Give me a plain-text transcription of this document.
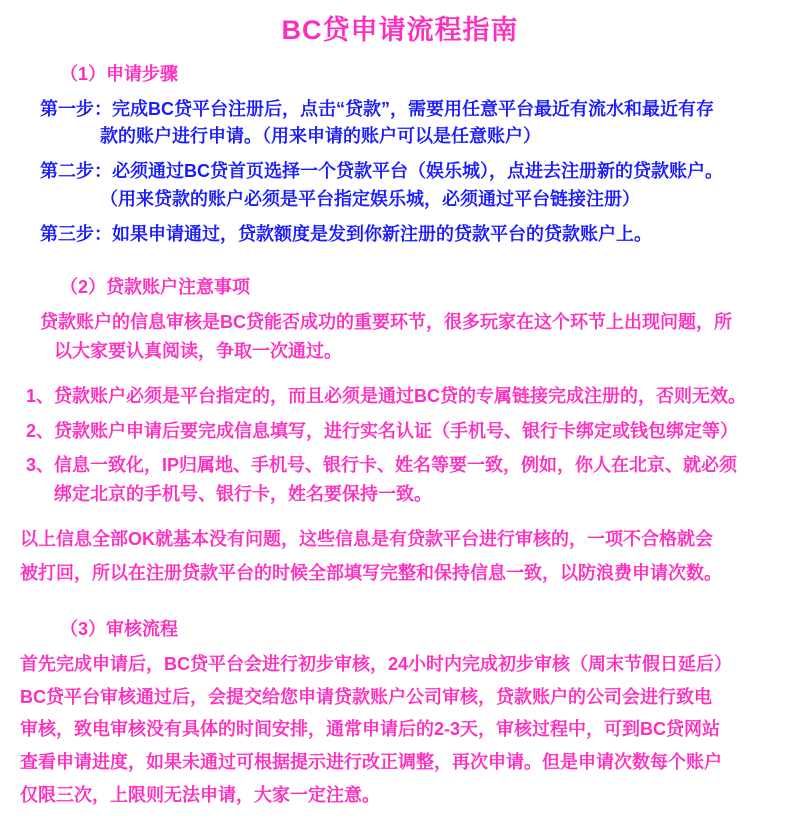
BC贷申请流程指南
（1）申请步骤

第一步：完成BC贷平台注册后，点击“贷款”，需要用任意平台最近有流水和最近有存
款的账户进行申请。（用来申请的账户可以是任意账户）

第二步：必须通过BC贷首页选择一个贷款平台（娱乐城），点进去注册新的贷款账户。
（用来贷款的账户必须是平台指定娱乐城，必须通过平台链接注册）

第三步：如果申请通过，贷款额度是发到你新注册的贷款平台的贷款账户上。

（2）贷款账户注意事项

贷款账户的信息审核是BC贷能否成功的重要环节，很多玩家在这个环节上出现问题，所
以大家要认真阅读，争取一次通过。

1、贷款账户必须是平台指定的，而且必须是通过BC贷的专属链接完成注册的，否则无效。

2、贷款账户申请后要完成信息填写，进行实名认证（手机号、银行卡绑定或钱包绑定等）

3、信息一致化，IP归属地、手机号、银行卡、姓名等要一致，例如，你人在北京、就必须
绑定北京的手机号、银行卡，姓名要保持一致。

以上信息全部OK就基本没有问题，这些信息是有贷款平台进行审核的，一项不合格就会

被打回，所以在注册贷款平台的时候全部填写完整和保持信息一致，以防浪费申请次数。

（3）审核流程

首先完成申请后，BC贷平台会进行初步审核，24小时内完成初步审核（周末节假日延后）

BC贷平台审核通过后，会提交给您申请贷款账户公司审核，贷款账户的公司会进行致电

审核，致电审核没有具体的时间安排，通常申请后的2-3天，审核过程中，可到BC贷网站

查看申请进度，如果未通过可根据提示进行改正调整，再次申请。但是申请次数每个账户

仅限三次，上限则无法申请，大家一定注意。
